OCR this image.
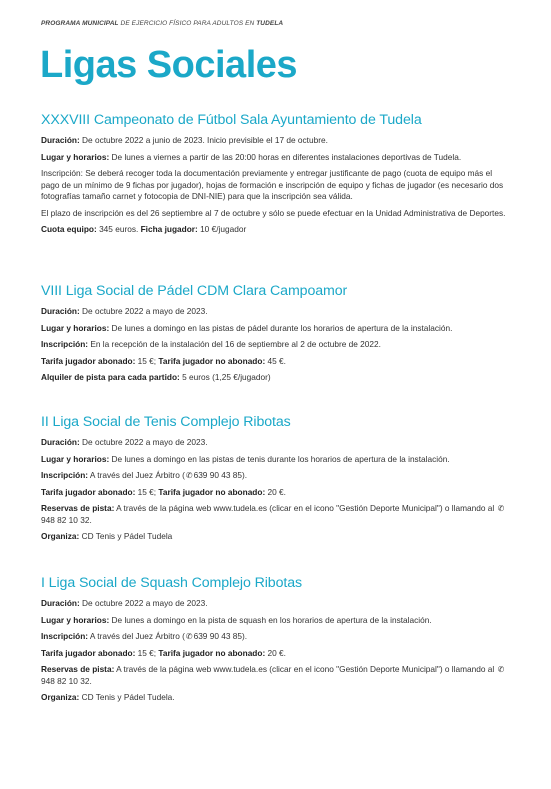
PROGRAMA MUNICIPAL DE EJERCICIO FÍSICO PARA ADULTOS EN TUDELA
Ligas Sociales
XXXVIII Campeonato de Fútbol Sala Ayuntamiento de Tudela

Duración: De octubre 2022 a junio de 2023. Inicio previsible el 17 de octubre.

Lugar y horarios: De lunes a viernes a partir de las 20:00 horas en diferentes instalaciones deportivas de Tudela.

Inscripción: Se deberá recoger toda la documentación previamente y entregar justificante de pago (cuota de equipo más el pago de un mínimo de 9 fichas por jugador), hojas de formación e inscripción de equipo y fichas de jugador (es necesario dos fotografías tamaño carnet y fotocopia de DNI-NIE) para que la inscripción sea válida.

El plazo de inscripción es del 26 septiembre al 7 de octubre y sólo se puede efectuar en la Unidad Administrativa de Deportes.

Cuota equipo: 345 euros. Ficha jugador: 10 €/jugador

VIII Liga Social de Pádel CDM Clara Campoamor

Duración: De octubre 2022 a mayo de 2023.

Lugar y horarios: De lunes a domingo en las pistas de pádel durante los horarios de apertura de la instalación.

Inscripción: En la recepción de la instalación del 16 de septiembre al 2 de octubre de 2022.

Tarifa jugador abonado: 15 €; Tarifa jugador no abonado: 45 €.

Alquiler de pista para cada partido: 5 euros (1,25 €/jugador)

II Liga Social de Tenis Complejo Ribotas

Duración: De octubre 2022 a mayo de 2023.

Lugar y horarios: De lunes a domingo en las pistas de tenis durante los horarios de apertura de la instalación.

Inscripción: A través del Juez Árbitro (✆639 90 43 85).

Tarifa jugador abonado: 15 €; Tarifa jugador no abonado: 20 €.

Reservas de pista: A través de la página web www.tudela.es (clicar en el icono "Gestión Deporte Municipal") o llamando al ✆948 82 10 32.

Organiza: CD Tenis y Pádel Tudela

I Liga Social de Squash Complejo Ribotas

Duración: De octubre 2022 a mayo de 2023.

Lugar y horarios: De lunes a domingo en la pista de squash en los horarios de apertura de la instalación.

Inscripción: A través del Juez Árbitro (✆639 90 43 85).

Tarifa jugador abonado: 15 €; Tarifa jugador no abonado: 20 €.

Reservas de pista: A través de la página web www.tudela.es (clicar en el icono "Gestión Deporte Municipal") o llamando al ✆948 82 10 32.

Organiza: CD Tenis y Pádel Tudela.
